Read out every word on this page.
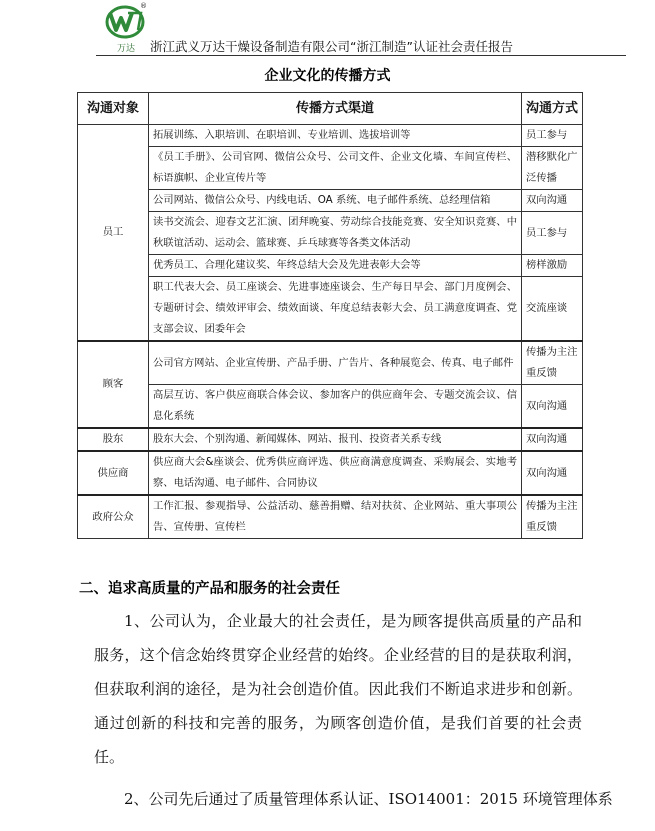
®
万达	浙江武义万达干燥设备制造有限公司“浙江制造”认证社会责任报告
企业文化的传播方式
沟通对象	传播方式渠道	沟通方式
员工	拓展训练、入职培训、在职培训、专业培训、选拔培训等	员工参与
	《员工手册》、公司官网、微信公众号、公司文件、企业文化墙、车间宣传栏、标语旗帜、企业宣传片等	潜移默化广泛传播
	公司网站、微信公众号、内线电话、OA 系统、电子邮件系统、总经理信箱	双向沟通
	读书交流会、迎春文艺汇演、团拜晚宴、劳动综合技能竞赛、安全知识竞赛、中秋联谊活动、运动会、篮球赛、乒乓球赛等各类文体活动	员工参与
	优秀员工、合理化建议奖、年终总结大会及先进表彰大会等	榜样激励
	职工代表大会、员工座谈会、先进事迹座谈会、生产每日早会、部门月度例会、专题研讨会、绩效评审会、绩效面谈、年度总结表彰大会、员工满意度调查、党支部会议、团委年会	交流座谈
顾客	公司官方网站、企业宣传册、产品手册、广告片、各种展览会、传真、电子邮件	传播为主注重反馈
	高层互访、客户供应商联合体会议、参加客户的供应商年会、专题交流会议、信息化系统	双向沟通
股东	股东大会、个别沟通、新闻媒体、网站、报刊、投资者关系专线	双向沟通
供应商	供应商大会&座谈会、优秀供应商评选、供应商满意度调查、采购展会、实地考察、电话沟通、电子邮件、合同协议	双向沟通
政府公众	工作汇报、参观指导、公益活动、慈善捐赠、结对扶贫、企业网站、重大事项公告、宣传册、宣传栏	传播为主注重反馈
二、追求高质量的产品和服务的社会责任
1、公司认为，企业最大的社会责任，是为顾客提供高质量的产品和服务，这个信念始终贯穿企业经营的始终。企业经营的目的是获取利润，但获取利润的途径，是为社会创造价值。因此我们不断追求进步和创新。通过创新的科技和完善的服务，为顾客创造价值，是我们首要的社会责任。
2、公司先后通过了质量管理体系认证、ISO14001：2015 环境管理体系
